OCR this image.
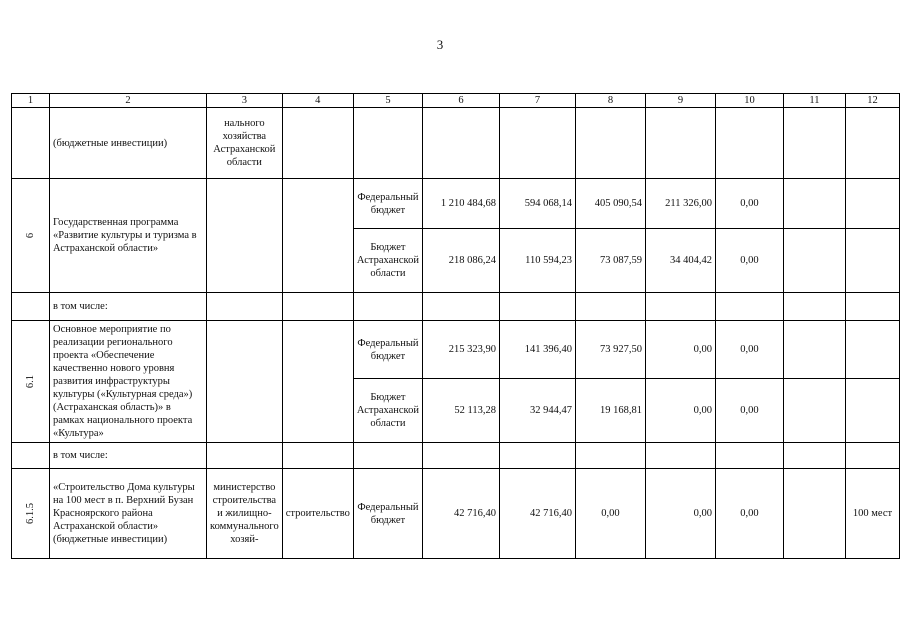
3
1	2	3	4	5	6	7	8	9	10	11	12
	(бюджетные инвестиции)	нального хозяйства Астраханской области									
6	Государственная программа «Развитие культуры и туризма в Астраханской области»			Федеральный бюджет	1 210 484,68	594 068,14	405 090,54	211 326,00	0,00		
				Бюджет Астраханской области	218 086,24	110 594,23	73 087,59	34 404,42	0,00		
	в том числе:										
6.1	Основное мероприятие по реализации регионального проекта «Обеспечение качественно нового уровня развития инфраструктуры культуры («Культурная среда») (Астраханская область)» в рамках национального проекта «Культура»			Федеральный бюджет	215 323,90	141 396,40	73 927,50	0,00	0,00		
				Бюджет Астраханской области	52 113,28	32 944,47	19 168,81	0,00	0,00		
	в том числе:										
6.1.5	«Строительство Дома культуры на 100 мест в п. Верхний Бузан Красноярского района Астраханской области» (бюджетные инвестиции)	министерство строительства и жилищно-коммунального хозяй-	строительство	Федеральный бюджет	42 716,40	42 716,40	0,00	0,00	0,00		100 мест
